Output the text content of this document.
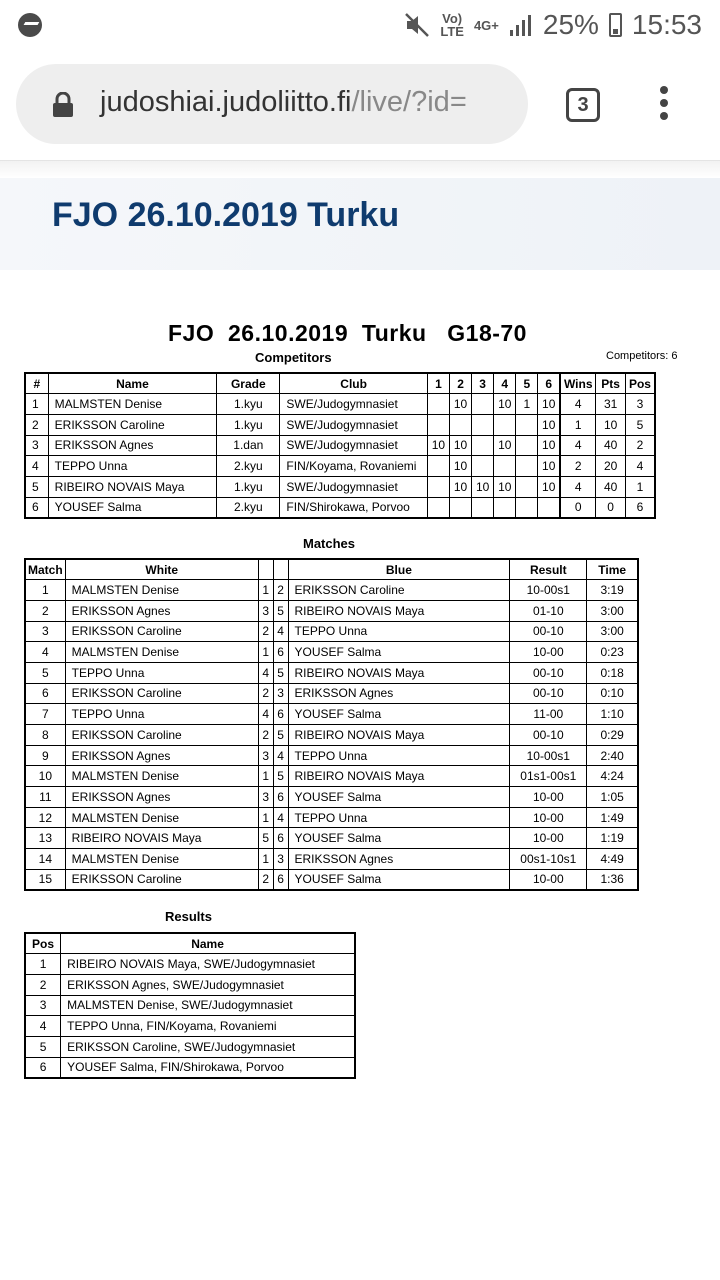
Vo)
LTE 4G+ 25% 15:53
judoshiai.judoliitto.fi/live/?id=	3
FJO 26.10.2019 Turku
FJO  26.10.2019  Turku   G18-70
Competitors	Competitors: 6
#	Name	Grade	Club	1	2	3	4	5	6	Wins	Pts	Pos
1	MALMSTEN Denise	1.kyu	SWE/Judogymnasiet		10		10	1	10	4	31	3
2	ERIKSSON Caroline	1.kyu	SWE/Judogymnasiet						10	1	10	5
3	ERIKSSON Agnes	1.dan	SWE/Judogymnasiet	10	10		10		10	4	40	2
4	TEPPO Unna	2.kyu	FIN/Koyama, Rovaniemi		10				10	2	20	4
5	RIBEIRO NOVAIS Maya	1.kyu	SWE/Judogymnasiet		10	10	10		10	4	40	1
6	YOUSEF Salma	2.kyu	FIN/Shirokawa, Porvoo							0	0	6
Matches
Match	White			Blue	Result	Time
1	MALMSTEN Denise	1	2	ERIKSSON Caroline	10-00s1	3:19
2	ERIKSSON Agnes	3	5	RIBEIRO NOVAIS Maya	01-10	3:00
3	ERIKSSON Caroline	2	4	TEPPO Unna	00-10	3:00
4	MALMSTEN Denise	1	6	YOUSEF Salma	10-00	0:23
5	TEPPO Unna	4	5	RIBEIRO NOVAIS Maya	00-10	0:18
6	ERIKSSON Caroline	2	3	ERIKSSON Agnes	00-10	0:10
7	TEPPO Unna	4	6	YOUSEF Salma	11-00	1:10
8	ERIKSSON Caroline	2	5	RIBEIRO NOVAIS Maya	00-10	0:29
9	ERIKSSON Agnes	3	4	TEPPO Unna	10-00s1	2:40
10	MALMSTEN Denise	1	5	RIBEIRO NOVAIS Maya	01s1-00s1	4:24
11	ERIKSSON Agnes	3	6	YOUSEF Salma	10-00	1:05
12	MALMSTEN Denise	1	4	TEPPO Unna	10-00	1:49
13	RIBEIRO NOVAIS Maya	5	6	YOUSEF Salma	10-00	1:19
14	MALMSTEN Denise	1	3	ERIKSSON Agnes	00s1-10s1	4:49
15	ERIKSSON Caroline	2	6	YOUSEF Salma	10-00	1:36
Results
Pos	Name
1	RIBEIRO NOVAIS Maya, SWE/Judogymnasiet
2	ERIKSSON Agnes, SWE/Judogymnasiet
3	MALMSTEN Denise, SWE/Judogymnasiet
4	TEPPO Unna, FIN/Koyama, Rovaniemi
5	ERIKSSON Caroline, SWE/Judogymnasiet
6	YOUSEF Salma, FIN/Shirokawa, Porvoo
